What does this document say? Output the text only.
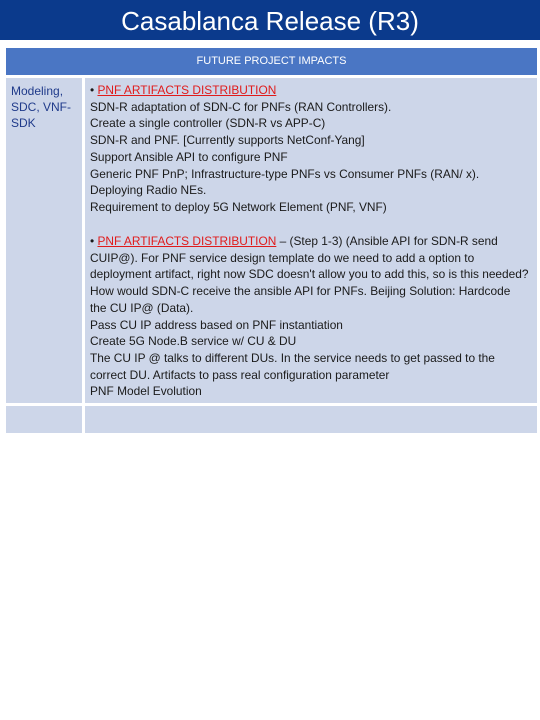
Casablanca Release (R3)
FUTURE PROJECT IMPACTS
Modeling, SDC, VNF-SDK
• PNF ARTIFACTS DISTRIBUTION
SDN-R adaptation of SDN-C for PNFs (RAN Controllers).
Create a single controller (SDN-R vs APP-C)
SDN-R and PNF. [Currently supports NetConf-Yang]
Support Ansible API to configure PNF
Generic PNF PnP; Infrastructure-type PNFs vs Consumer PNFs (RAN/ x).
Deploying Radio NEs.
Requirement to deploy 5G Network Element (PNF, VNF)
• PNF ARTIFACTS DISTRIBUTION – (Step 1-3) (Ansible API for SDN-R send CUIP@). For PNF service design template do we need to add a option to deployment artifact, right now SDC doesn't allow you to add this, so is this needed? How would SDN-C receive the ansible API for PNFs. Beijing Solution: Hardcode the CU IP@ (Data).
Pass CU IP address based on PNF instantiation
Create 5G Node.B service w/ CU & DU
The CU IP @ talks to different DUs. In the service needs to get passed to the correct DU. Artifacts to pass real configuration parameter
PNF Model Evolution
